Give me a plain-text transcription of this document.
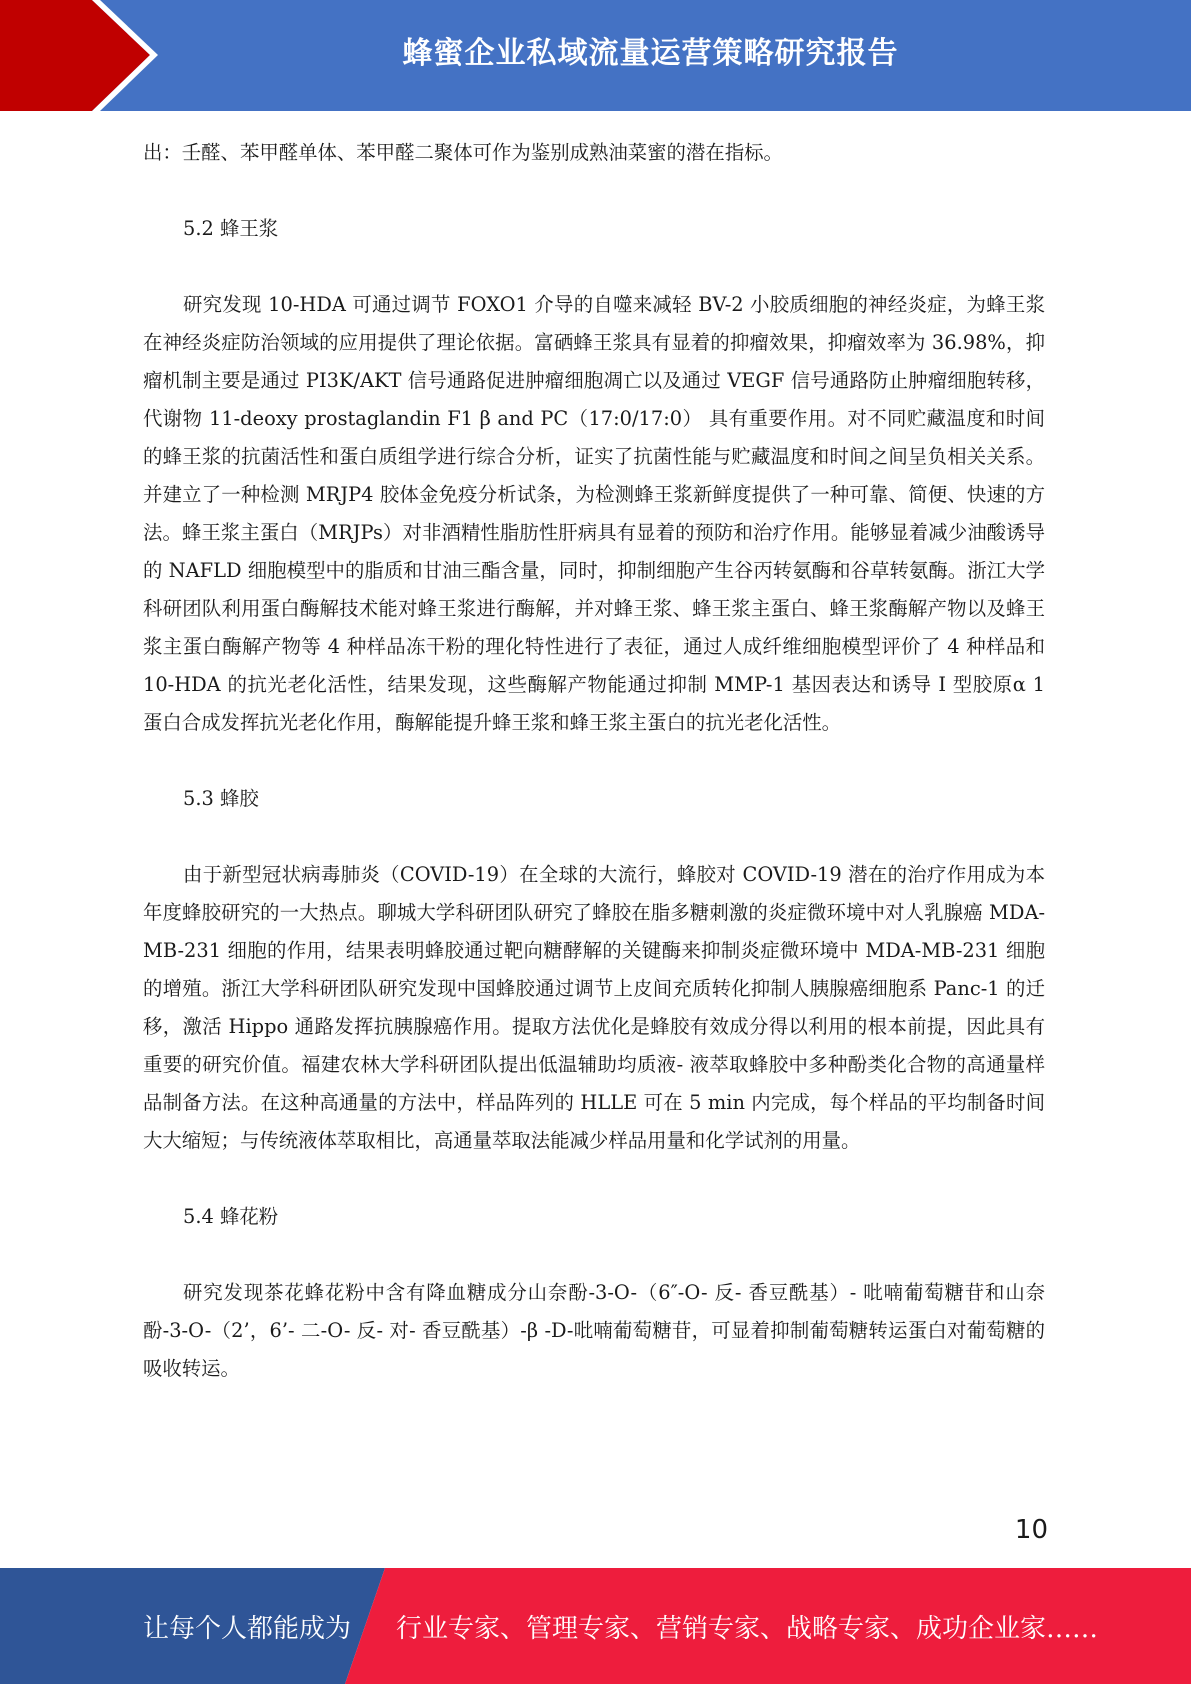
蜂蜜企业私域流量运营策略研究报告

出：壬醛、苯甲醛单体、苯甲醛二聚体可作为鉴别成熟油菜蜜的潜在指标。

5.2 蜂王浆

研究发现 10-HDA 可通过调节 FOXO1 介导的自噬来减轻 BV-2 小胶质细胞的神经炎症，为蜂王浆在神经炎症防治领域的应用提供了理论依据。富硒蜂王浆具有显着的抑瘤效果，抑瘤效率为 36.98%，抑瘤机制主要是通过 PI3K/AKT 信号通路促进肿瘤细胞凋亡以及通过 VEGF 信号通路防止肿瘤细胞转移，代谢物 11-deoxy prostaglandin F1 β and PC（17:0/17:0） 具有重要作用。对不同贮藏温度和时间的蜂王浆的抗菌活性和蛋白质组学进行综合分析，证实了抗菌性能与贮藏温度和时间之间呈负相关关系。并建立了一种检测 MRJP4 胶体金免疫分析试条，为检测蜂王浆新鲜度提供了一种可靠、简便、快速的方法。蜂王浆主蛋白（MRJPs）对非酒精性脂肪性肝病具有显着的预防和治疗作用。能够显着减少油酸诱导的 NAFLD 细胞模型中的脂质和甘油三酯含量，同时，抑制细胞产生谷丙转氨酶和谷草转氨酶。浙江大学科研团队利用蛋白酶解技术能对蜂王浆进行酶解，并对蜂王浆、蜂王浆主蛋白、蜂王浆酶解产物以及蜂王浆主蛋白酶解产物等 4 种样品冻干粉的理化特性进行了表征，通过人成纤维细胞模型评价了 4 种样品和 10-HDA 的抗光老化活性，结果发现，这些酶解产物能通过抑制 MMP-1 基因表达和诱导 I 型胶原α 1 蛋白合成发挥抗光老化作用，酶解能提升蜂王浆和蜂王浆主蛋白的抗光老化活性。

5.3 蜂胶

由于新型冠状病毒肺炎（COVID-19）在全球的大流行，蜂胶对 COVID-19 潜在的治疗作用成为本年度蜂胶研究的一大热点。聊城大学科研团队研究了蜂胶在脂多糖刺激的炎症微环境中对人乳腺癌 MDA-MB-231 细胞的作用，结果表明蜂胶通过靶向糖酵解的关键酶来抑制炎症微环境中 MDA-MB-231 细胞的增殖。浙江大学科研团队研究发现中国蜂胶通过调节上皮间充质转化抑制人胰腺癌细胞系 Panc-1 的迁移，激活 Hippo 通路发挥抗胰腺癌作用。提取方法优化是蜂胶有效成分得以利用的根本前提，因此具有重要的研究价值。福建农林大学科研团队提出低温辅助均质液- 液萃取蜂胶中多种酚类化合物的高通量样品制备方法。在这种高通量的方法中，样品阵列的 HLLE 可在 5 min 内完成，每个样品的平均制备时间大大缩短；与传统液体萃取相比，高通量萃取法能减少样品用量和化学试剂的用量。

5.4 蜂花粉

研究发现茶花蜂花粉中含有降血糖成分山奈酚-3-O-（6″-O- 反- 香豆酰基）- 吡喃葡萄糖苷和山奈酚-3-O-（2’，6’- 二-O- 反- 对- 香豆酰基）-β -D-吡喃葡萄糖苷，可显着抑制葡萄糖转运蛋白对葡萄糖的吸收转运。

10
让每个人都能成为 行业专家、管理专家、营销专家、战略专家、成功企业家……
